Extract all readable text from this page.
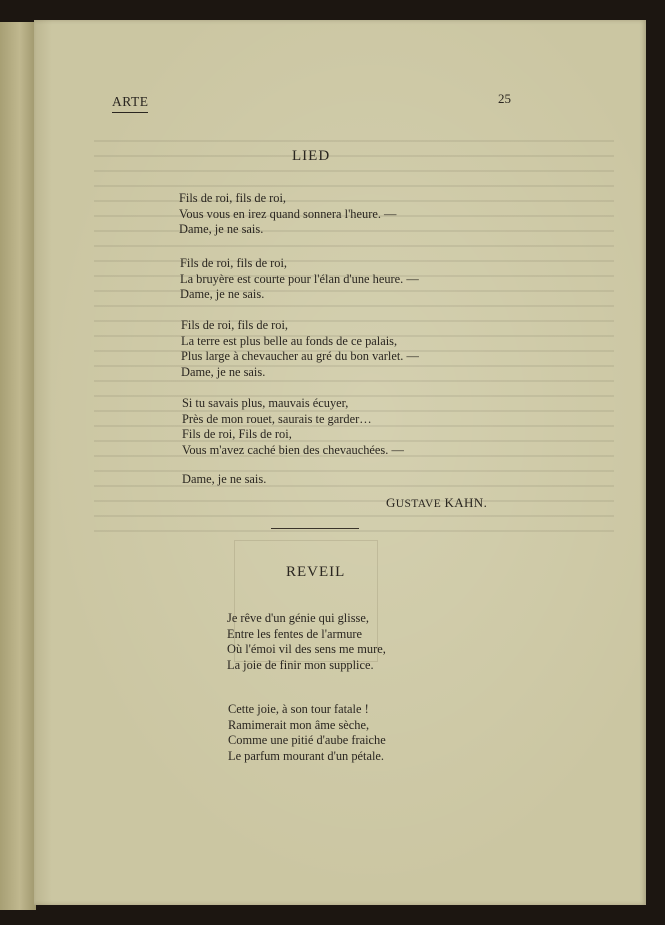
ARTE	25
LIED
Fils de roi, fils de roi,
Vous vous en irez quand sonnera l'heure. —
Dame, je ne sais.
Fils de roi, fils de roi,
La bruyère est courte pour l'élan d'une heure. —
Dame, je ne sais.
Fils de roi, fils de roi,
La terre est plus belle au fonds de ce palais,
Plus large à chevaucher au gré du bon varlet. —
Dame, je ne sais.
Si tu savais plus, mauvais écuyer,
Près de mon rouet, saurais te garder…
Fils de roi, Fils de roi,
Vous m'avez caché bien des chevauchées. —
Dame, je ne sais.
GUSTAVE KAHN.
REVEIL
Je rêve d'un génie qui glisse,
Entre les fentes de l'armure
Où l'émoi vil des sens me mure,
La joie de finir mon supplice.
Cette joie, à son tour fatale !
Ramimerait mon âme sèche,
Comme une pitié d'aube fraiche
Le parfum mourant d'un pétale.
